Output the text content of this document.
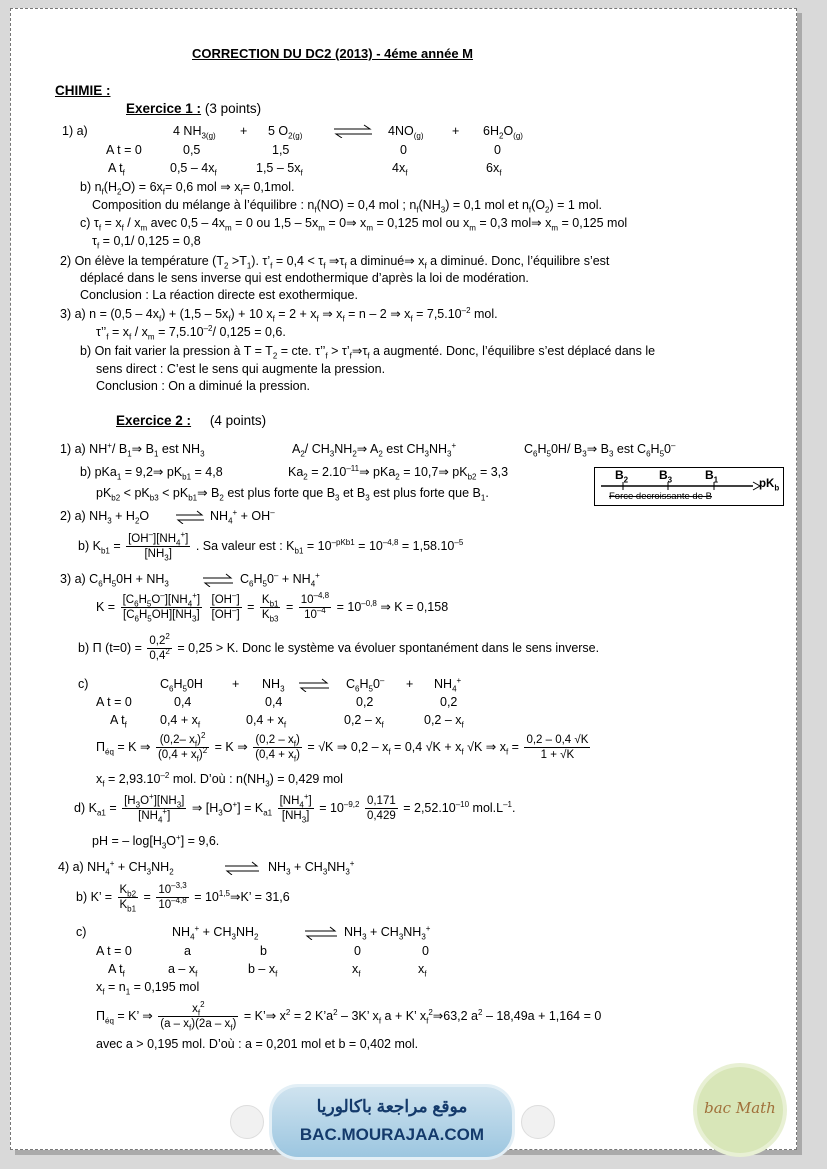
CORRECTION DU DC2 (2013) - 4éme année M
CHIMIE :
Exercice 1 : (3 points)
1) a)	4 $NH_{3(g)} + 5$ $O_{2(g)}$ ⇌ $4NO_{(g)} + 6H_2O_{(g)}$
A t = 0	0,5	1,5	0	0
A $t_f$	$0,5 - 4x_f$	$1,5 - 5x_f$	$4x_f$	$6x_f$
b) $n_f(H_2O) = 6x_f= 0,6$ mol ⇒ $x_f= 0,1mol$.
Composition du mélange à l’équilibre : $n_f(NO) = 0,4$ mol ; $n_f(NH_3) = 0,1$ mol et $n_f(O_2) = 1$ mol.
c) $\tau_f = x_f / x_m$ avec $0,5 - 4x_m = 0$ ou $1,5 - 5x_m$ = 0⇒ $x_m = 0,125$ mol ou $x_m = 0,3$ mol⇒ $x_m = 0,125$ mol
$\tau_f = 0,1/$ 0,125 = 0,8
2) On élève la température $(T_2 >T_1)$. $\tau’_f = 0,4 < \tau_f$ $\Rightarrow\tau_f$ a diminué⇒ $x_f$ a diminué. Donc, l’équilibre s’est
déplacé dans le sens inverse qui est endothermique d’après la loi de modération.
Conclusion : La réaction directe est exothermique.
3) a) $n = (0,5 - 4x_f) + (1,5 - 5x_f) + 10$ $x_f = 2 + x_f$ ⇒ $x_f = n - 2$ ⇒ $x_f = 7,5.10^{-2}$ mol.
$\tau’’_f = x_f / x_m = 7,5.10^{-2}/$ 0,125 = 0,6.
b) On fait varier la pression à $T = T_2$ = cte. $\tau’’_f$ > $\tau’_f\Rightarrow\tau_f$ a augmenté. Donc, l’équilibre s’est déplacé dans le
sens direct : C’est le sens qui augmente la pression.
Conclusion : On a diminué la pression.
Exercice 2 : (4 points)
1) a) NH+/ $B_1\Rightarrow$ $B_1$ est $NH_3$	$A_2/$ $CH_3NH_2\Rightarrow$ $A_2$ est $CH_3NH_3^+$	$C_6H_50H/$ $B_3\Rightarrow$ $B_3$ est $C_6H_50^-$
b) pKa$_1$ = 9,2⇒ $pK_{b1} = 4,8$	$Ka_2$ = $2.10^{-11}\Rightarrow$ pKa$_2$ = 10,7⇒ $pK_{b2} = 3,3$
$pK_{b2} < pK_{b3}$ < $pK_{b1}\Rightarrow$ $B_2$ est plus forte que $B_3$ et $B_3$ est plus forte que $B_1$.
$B_2$	$B_3$	$B_1$	$pK_b$
Force decroissante de B
2) a) $NH_3 + H_2O$ ⇌ $NH_4^+ + OH^-$
b) $K_{b1} = \frac{[OH^-][NH_4^+]}{[NH_3]}$ . Sa valeur est : $K_{b1} = 10^{-pKb1} = 10^{-4,8} = 1,58.10^{-5}$
3) a) $C_6H_50H + NH_3$ ⇌ $C_6H_50^- + NH_4^+$
$K = \frac{[C_6H_5O^-][NH_4^+]}{[C_6H_5OH][NH_3]}$
$\frac{[OH^-]}{[OH^-]} = \frac{K_{b1}}{K_{b3}} = \frac{10^{-4,8}}{10^{-4}} = 10^{-0,8}$ ⇒ K = 0,158
b) Π $(t=0) = \frac{0,2^2}{0,4^2} = 0,25 > K$. Donc le système va évoluer spontanément dans le sens inverse.
c)	$C_6H_50H + NH_3$ ⇌ $C_6H_50^- + NH_4^+$
A t = 0	0,4	0,4	0,2	0,2
A $t_f$	$0,4 + x_f$	$0,4 + x_f$	$0,2 - x_f$	$0,2 - x_f$
$\Pi_{éq} = K$ ⇒ $\frac{(0,2- x_f)^2}{(0,4 + x_f)^2} = K$ ⇒ $\frac{(0,2 - x_f)}{(0,4 + x_f)} = √K$ ⇒ $0,2 - x_f = 0,4$ $√K + x_f$ √K ⇒ $x_f = \frac{0,2 - 0,4 √K}{1 + √K}$
$x_f = 2,93.10^{-2}$ mol. D’où : $n(NH_3) = 0,429$ mol
d) $K_{a1} = \frac{[H_3O^+][NH_3]}{[NH_4^+]}$ ⇒ $[H_3O^+] = K_{a1} \frac{[NH_4^+]}{[NH_3]} = 10^{-9,2} \frac{0,171}{0,429} = 2,52.10^{-10}$ $mol.L^{-1}$.
pH = – $\log[H_3O^+] = 9,6$.
4) a) $NH_4^+ + CH_3NH_2$	⇌ $NH_3 + CH_3NH_3^+$
b) K’ = $\frac{K_{b2}}{K_{b1}} = \frac{10^{-3,3}}{10^{-4,8}}$ = $10^{1,5}\Rightarrow K$’ = 31,6
c)	$NH_4^+ + CH_3NH_2$	⇌ $NH_3 + CH_3NH_3^+$
A t = 0	a	b	0	0
A $t_f$	a – $x_f$	b – $x_f$	$x_f$	$x_f$
$x_f = n_1 = 0,195$ mol
$\Pi_{éq} = K$’ ⇒ $\frac{x_f^2}{(a - x_f)(2a - x_f)}$ = K’⇒ $x^2 = 2$ $K’a^2 - 3K$’ $x_f$ a + K’ $x_f^2\Rightarrow 63,2$ $a^2 - 18,49a + 1,164 = 0$
avec a > 0,195 mol. D’où : a = 0,201 mol et b = 0,402 mol.
موقع مراجعة باكالوريا
BAC.MOURAJAA.COM
bac Math
